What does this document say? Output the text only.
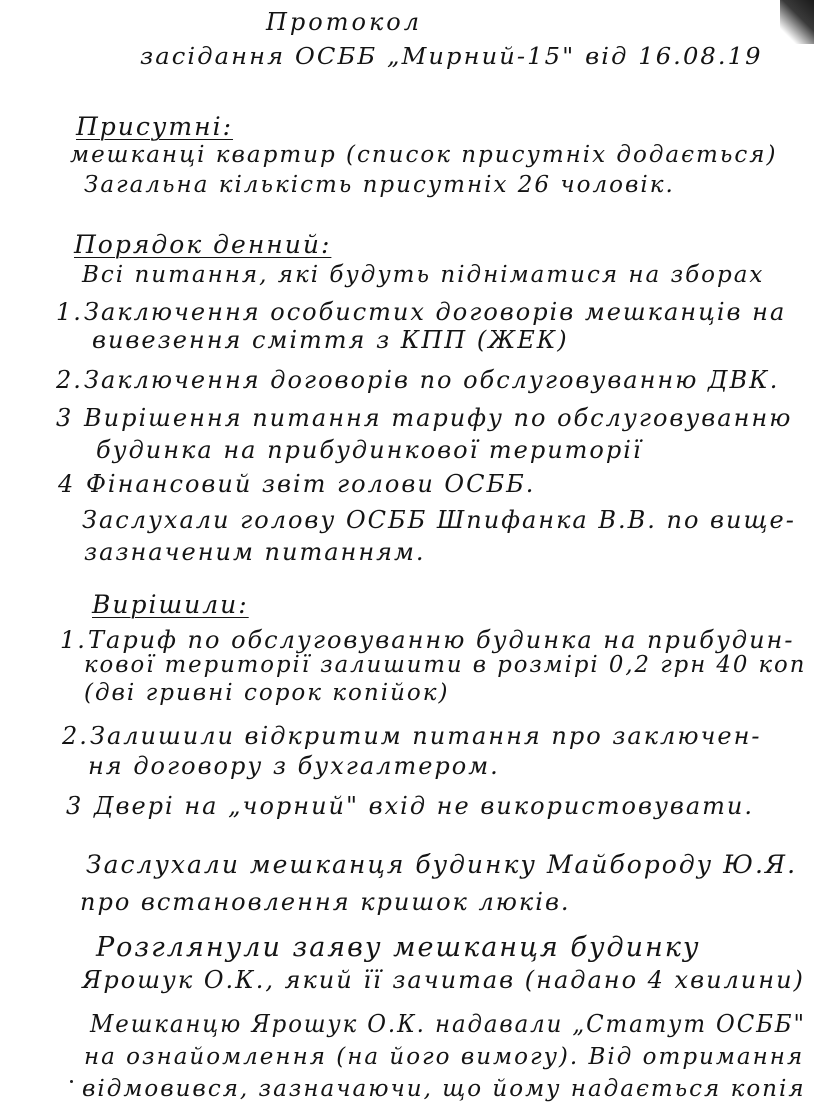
Протокол
засідання ОСББ „Мирний-15" від 16.08.19
Присутні:
мешканці квартир (список присутніх додається)
Загальна кількість присутніх 26 чоловік.
Порядок денний:
Всі питання, які будуть підніматися на зборах
1.Заключення особистих договорів мешканців на
вивезення сміття з КПП (ЖЕК)
2.Заключення договорів по обслуговуванню ДВК.
3 Вирішення питання тарифу по обслуговуванню
будинка на прибудинкової території
4 Фінансовий звіт голови ОСББ.
Заслухали голову ОСББ Шпифанка В.В. по вище-
зазначеним питанням.
Вирішили:
1.Тариф по обслуговуванню будинка на прибудин-
кової території залишити в розмірі 0,2 грн 40 коп
(дві гривні сорок копійок)
2.Залишили відкритим питання про заключен-
ня договору з бухгалтером.
3 Двері на „чорний" вхід не використовувати.
Заслухали мешканця будинку Майбороду Ю.Я.
про встановлення кришок люків.
Розглянули заяву мешканця будинку
Ярошук О.К., який її зачитав (надано 4 хвилини)
Мешканцю Ярошук О.К. надавали „Статут ОСББ"
на ознайомлення (на його вимогу). Від отримання
відмовився, зазначаючи, що йому надається копія
